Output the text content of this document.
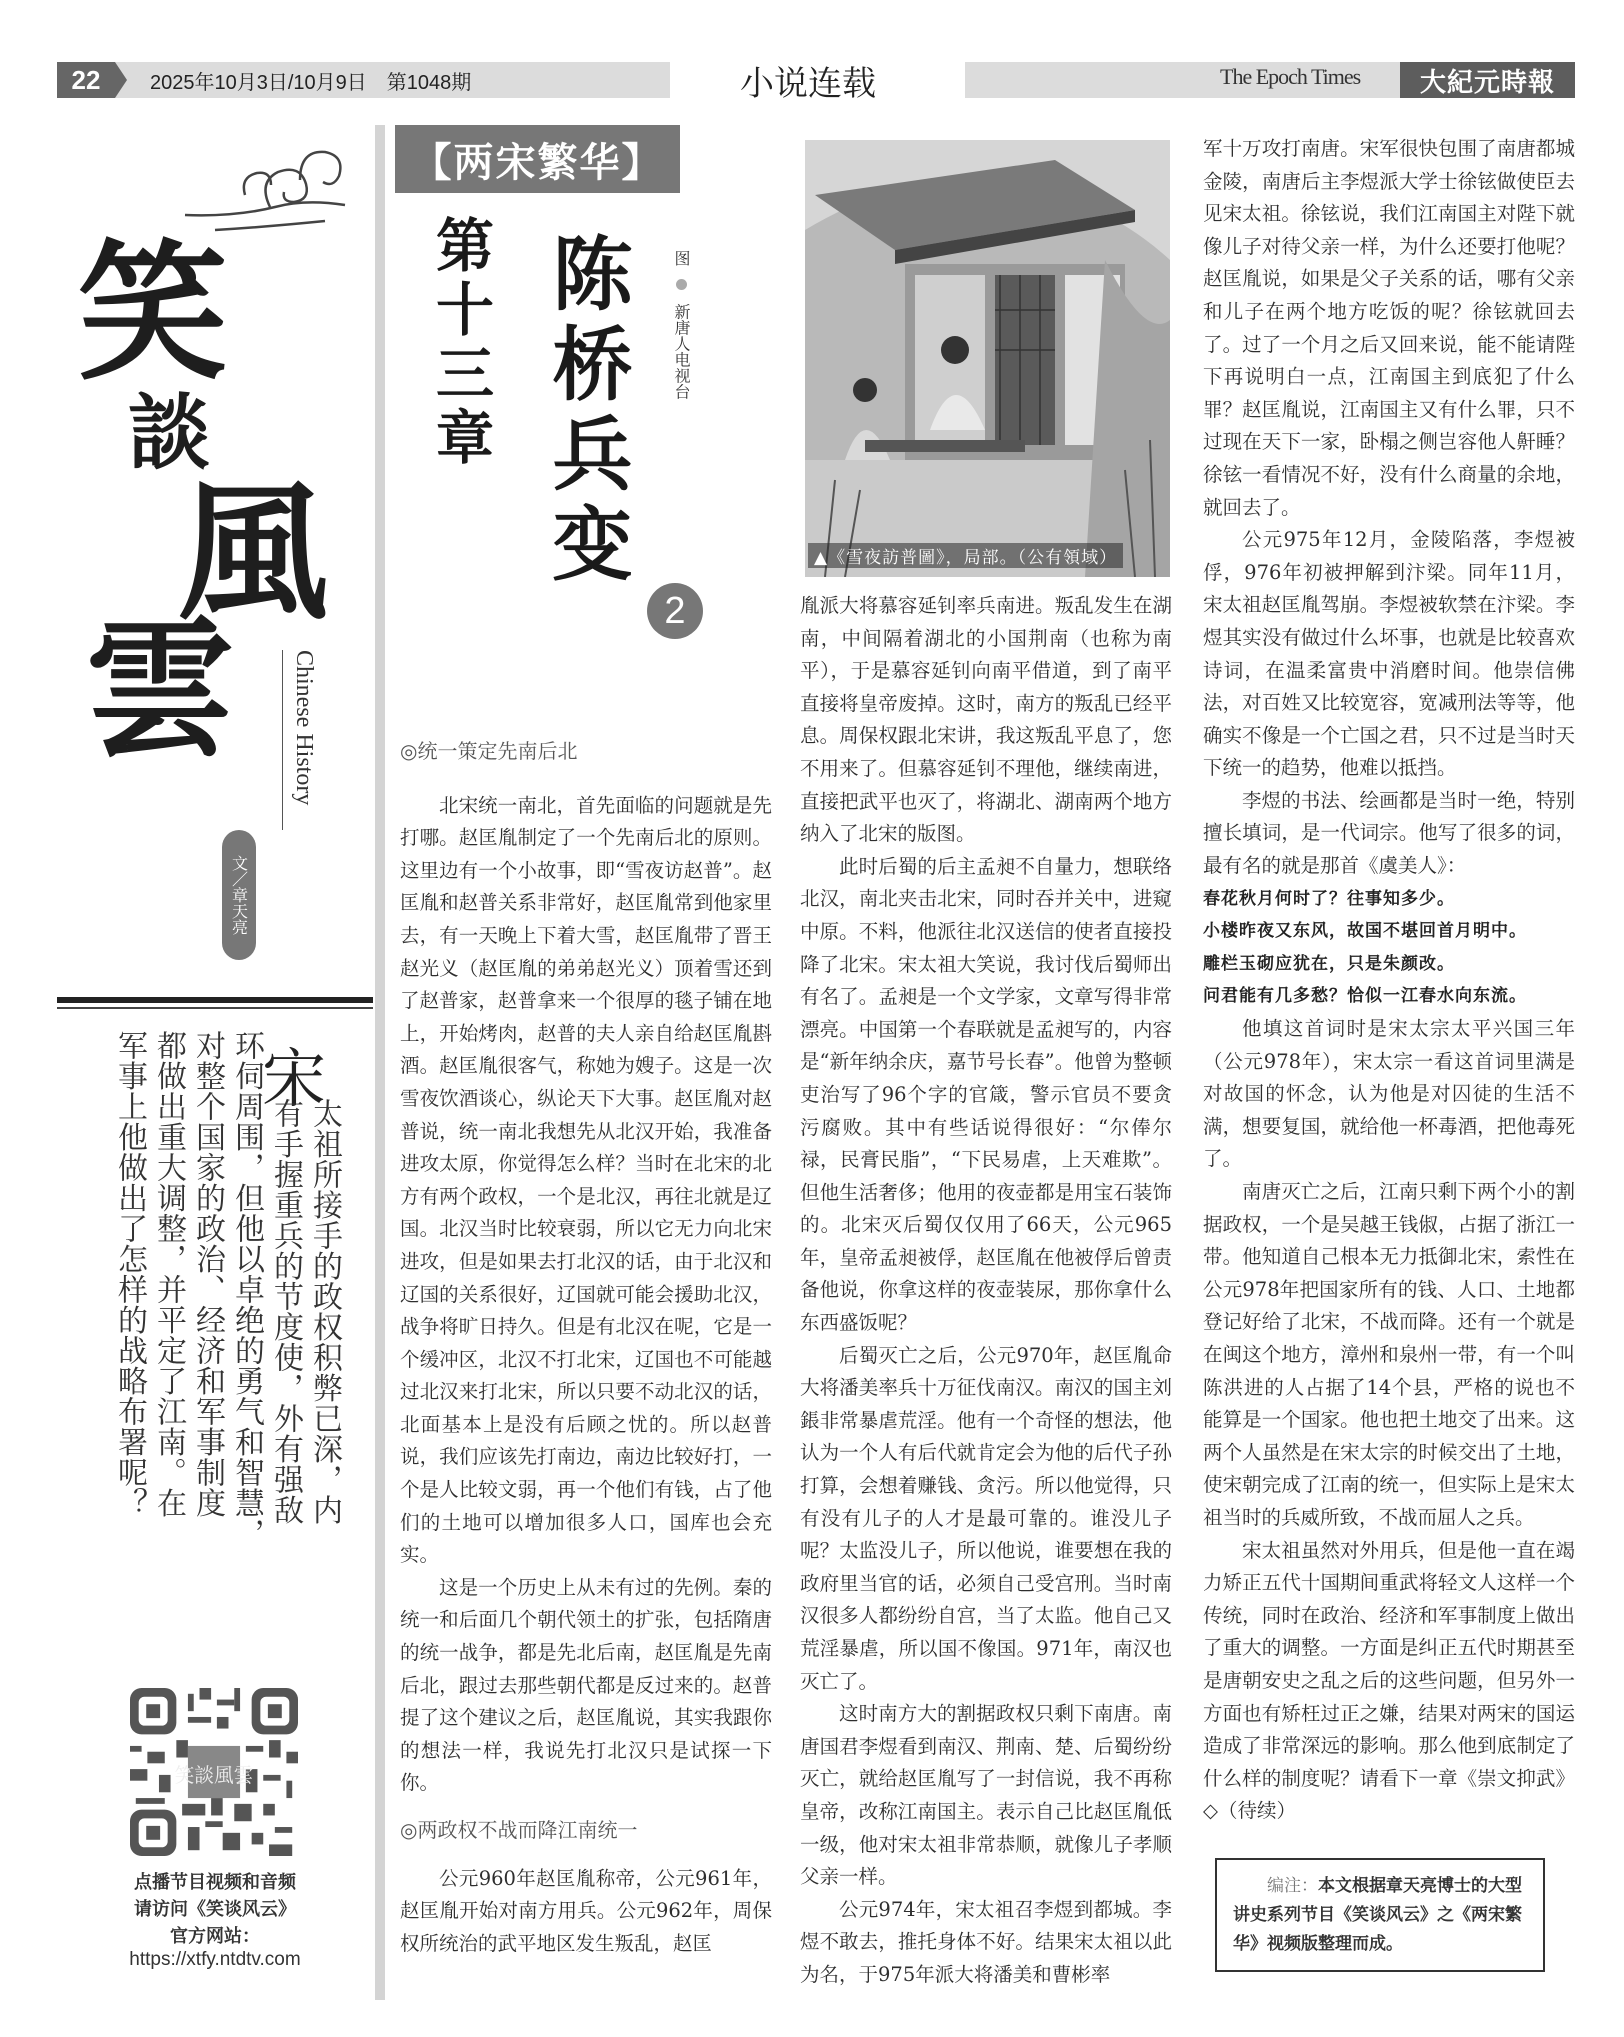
22	2025年10月3日/10月9日　第1048期	小说连载	The Epoch Times	大紀元時報
笑
談
風
雲 Chinese History
文／章天亮
宋
太祖所接手的政权积弊已深，内
有手握重兵的节度使，外有强敌
环伺周围，但他以卓绝的勇气和智慧，
对整个国家的政治、经济和军事制度
都做出重大调整，并平定了江南。在
军事上他做出了怎样的战略布署呢？
笑談風雲
点播节目视频和音频
请访问《笑谈风云》
官方网站：
https://xtfy.ntdtv.com
【两宋繁华】
第十三章 陈桥兵变	图  新唐人电视台
2
◎统一策定先南后北

北宋统一南北，首先面临的问题就是先打哪。赵匡胤制定了一个先南后北的原则。这里边有一个小故事，即“雪夜访赵普”。赵匡胤和赵普关系非常好，赵匡胤常到他家里去，有一天晚上下着大雪，赵匡胤带了晋王赵光义（赵匡胤的弟弟赵光义）顶着雪还到了赵普家，赵普拿来一个很厚的毯子铺在地上，开始烤肉，赵普的夫人亲自给赵匡胤斟酒。赵匡胤很客气，称她为嫂子。这是一次雪夜饮酒谈心，纵论天下大事。赵匡胤对赵普说，统一南北我想先从北汉开始，我准备进攻太原，你觉得怎么样？当时在北宋的北方有两个政权，一个是北汉，再往北就是辽国。北汉当时比较衰弱，所以它无力向北宋进攻，但是如果去打北汉的话，由于北汉和辽国的关系很好，辽国就可能会援助北汉，战争将旷日持久。但是有北汉在呢，它是一个缓冲区，北汉不打北宋，辽国也不可能越过北汉来打北宋，所以只要不动北汉的话，北面基本上是没有后顾之忧的。所以赵普说，我们应该先打南边，南边比较好打，一个是人比较文弱，再一个他们有钱，占了他们的土地可以增加很多人口，国库也会充实。

这是一个历史上从未有过的先例。秦的统一和后面几个朝代领土的扩张，包括隋唐的统一战争，都是先北后南，赵匡胤是先南后北，跟过去那些朝代都是反过来的。赵普提了这个建议之后，赵匡胤说，其实我跟你的想法一样，我说先打北汉只是试探一下你。

◎两政权不战而降江南统一

公元960年赵匡胤称帝，公元961年，赵匡胤开始对南方用兵。公元962年，周保权所统治的武平地区发生叛乱，赵匡

▲《雪夜訪普圖》，局部。（公有領域）

胤派大将慕容延钊率兵南进。叛乱发生在湖南，中间隔着湖北的小国荆南（也称为南平），于是慕容延钊向南平借道，到了南平直接将皇帝废掉。这时，南方的叛乱已经平息。周保权跟北宋讲，我这叛乱平息了，您不用来了。但慕容延钊不理他，继续南进，直接把武平也灭了，将湖北、湖南两个地方纳入了北宋的版图。

此时后蜀的后主孟昶不自量力，想联络北汉，南北夹击北宋，同时吞并关中，进窥中原。不料，他派往北汉送信的使者直接投降了北宋。宋太祖大笑说，我讨伐后蜀师出有名了。孟昶是一个文学家，文章写得非常漂亮。中国第一个春联就是孟昶写的，内容是“新年纳余庆，嘉节号长春”。他曾为整顿吏治写了96个字的官箴，警示官员不要贪污腐败。其中有些话说得很好：“尔俸尔禄，民膏民脂”，“下民易虐，上天难欺”。但他生活奢侈；他用的夜壶都是用宝石装饰的。北宋灭后蜀仅仅用了66天，公元965年，皇帝孟昶被俘，赵匡胤在他被俘后曾责备他说，你拿这样的夜壶装尿，那你拿什么东西盛饭呢？

后蜀灭亡之后，公元970年，赵匡胤命大将潘美率兵十万征伐南汉。南汉的国主刘鋹非常暴虐荒淫。他有一个奇怪的想法，他认为一个人有后代就肯定会为他的后代子孙打算，会想着赚钱、贪污。所以他觉得，只有没有儿子的人才是最可靠的。谁没儿子呢？太监没儿子，所以他说，谁要想在我的政府里当官的话，必须自己受宫刑。当时南汉很多人都纷纷自宫，当了太监。他自己又荒淫暴虐，所以国不像国。971年，南汉也灭亡了。

这时南方大的割据政权只剩下南唐。南唐国君李煜看到南汉、荆南、楚、后蜀纷纷灭亡，就给赵匡胤写了一封信说，我不再称皇帝，改称江南国主。表示自己比赵匡胤低一级，他对宋太祖非常恭顺，就像儿子孝顺父亲一样。

公元974年，宋太祖召李煜到都城。李煜不敢去，推托身体不好。结果宋太祖以此为名，于975年派大将潘美和曹彬率

军十万攻打南唐。宋军很快包围了南唐都城金陵，南唐后主李煜派大学士徐铉做使臣去见宋太祖。徐铉说，我们江南国主对陛下就像儿子对待父亲一样，为什么还要打他呢？赵匡胤说，如果是父子关系的话，哪有父亲和儿子在两个地方吃饭的呢？徐铉就回去了。过了一个月之后又回来说，能不能请陛下再说明白一点，江南国主到底犯了什么罪？赵匡胤说，江南国主又有什么罪，只不过现在天下一家，卧榻之侧岂容他人鼾睡？徐铉一看情况不好，没有什么商量的余地，就回去了。

公元975年12月，金陵陷落，李煜被俘，976年初被押解到汴梁。同年11月，宋太祖赵匡胤驾崩。李煜被软禁在汴梁。李煜其实没有做过什么坏事，也就是比较喜欢诗词，在温柔富贵中消磨时间。他崇信佛法，对百姓又比较宽容，宽减刑法等等，他确实不像是一个亡国之君，只不过是当时天下统一的趋势，他难以抵挡。

李煜的书法、绘画都是当时一绝，特别擅长填词，是一代词宗。他写了很多的词，最有名的就是那首《虞美人》：

春花秋月何时了？往事知多少。

小楼昨夜又东风，故国不堪回首月明中。

雕栏玉砌应犹在，只是朱颜改。

问君能有几多愁？恰似一江春水向东流。

他填这首词时是宋太宗太平兴国三年（公元978年），宋太宗一看这首词里满是对故国的怀念，认为他是对囚徒的生活不满，想要复国，就给他一杯毒酒，把他毒死了。

南唐灭亡之后，江南只剩下两个小的割据政权，一个是吴越王钱俶，占据了浙江一带。他知道自己根本无力抵御北宋，索性在公元978年把国家所有的钱、人口、土地都登记好给了北宋，不战而降。还有一个就是在闽这个地方，漳州和泉州一带，有一个叫陈洪进的人占据了14个县，严格的说也不能算是一个国家。他也把土地交了出来。这两个人虽然是在宋太宗的时候交出了土地，使宋朝完成了江南的统一，但实际上是宋太祖当时的兵威所致，不战而屈人之兵。

宋太祖虽然对外用兵，但是他一直在竭力矫正五代十国期间重武将轻文人这样一个传统，同时在政治、经济和军事制度上做出了重大的调整。一方面是纠正五代时期甚至是唐朝安史之乱之后的这些问题，但另外一方面也有矫枉过正之嫌，结果对两宋的国运造成了非常深远的影响。那么他到底制定了什么样的制度呢？请看下一章《崇文抑武》◇（待续）

编注：本文根据章天亮博士的大型讲史系列节目《笑谈风云》之《两宋繁华》视频版整理而成。
